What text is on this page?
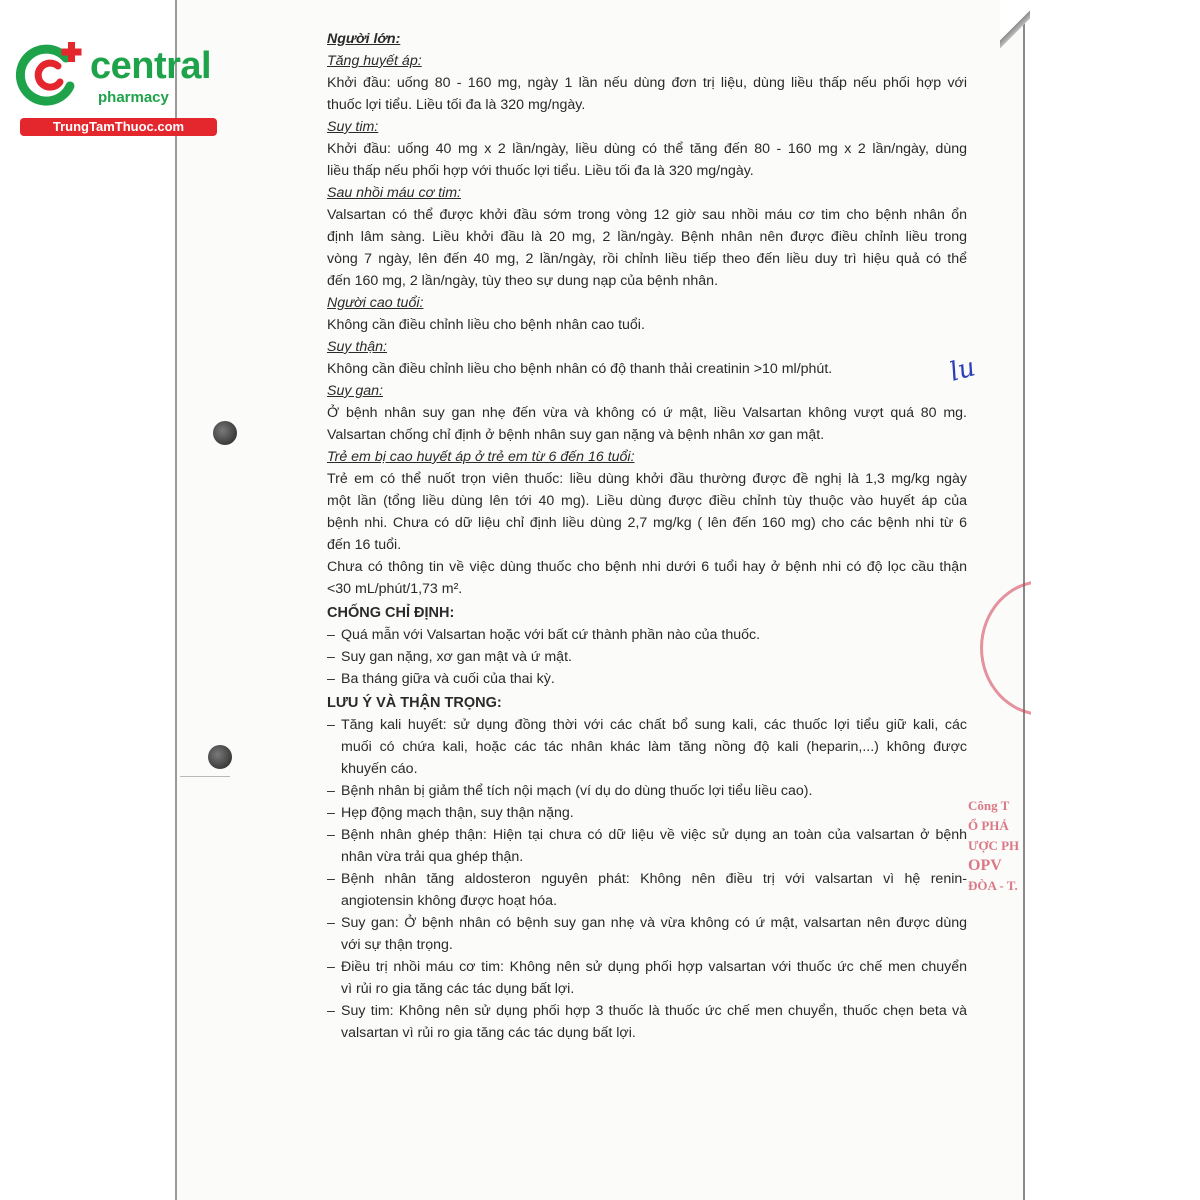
central
pharmacy
TrungTamThuoc.com
lu
Công T
Ổ PHẢ
ƯỢC PH
OPV
ĐÒA - T.
Người lớn:
Tăng huyết áp:
Khởi đầu: uống 80 - 160 mg, ngày 1 lần nếu dùng đơn trị liệu, dùng liều thấp nếu phối hợp với
thuốc lợi tiểu. Liều tối đa là 320 mg/ngày.
Suy tim:
Khởi đầu: uống 40 mg x 2 lần/ngày, liều dùng có thể tăng đến 80 - 160 mg x 2 lần/ngày, dùng
liều thấp nếu phối hợp với thuốc lợi tiểu. Liều tối đa là 320 mg/ngày.
Sau nhồi máu cơ tim:
Valsartan có thể được khởi đầu sớm trong vòng 12 giờ sau nhồi máu cơ tim cho bệnh nhân ổn
định lâm sàng. Liều khởi đầu là 20 mg, 2 lần/ngày. Bệnh nhân nên được điều chỉnh liều trong
vòng 7 ngày, lên đến 40 mg, 2 lần/ngày, rồi chỉnh liều tiếp theo đến liều duy trì hiệu quả có thể
đến 160 mg, 2 lần/ngày, tùy theo sự dung nạp của bệnh nhân.
Người cao tuổi:
Không cần điều chỉnh liều cho bệnh nhân cao tuổi.
Suy thận:
Không cần điều chỉnh liều cho bệnh nhân có độ thanh thải creatinin >10 ml/phút.
Suy gan:
Ở bệnh nhân suy gan nhẹ đến vừa và không có ứ mật, liều Valsartan không vượt quá 80 mg.
Valsartan chống chỉ định ở bệnh nhân suy gan nặng và bệnh nhân xơ gan mật.
Trẻ em bị cao huyết áp ở trẻ em từ 6 đến 16 tuổi:
Trẻ em có thể nuốt trọn viên thuốc: liều dùng khởi đầu thường được đề nghị là 1,3 mg/kg ngày
một lần (tổng liều dùng lên tới 40 mg). Liều dùng được điều chỉnh tùy thuộc vào huyết áp của
bệnh nhi. Chưa có dữ liệu chỉ định liều dùng 2,7 mg/kg ( lên đến 160 mg) cho các bệnh nhi từ 6
đến 16 tuổi.
Chưa có thông tin về việc dùng thuốc cho bệnh nhi dưới 6 tuổi hay ở bệnh nhi có độ lọc cầu thận
<30 mL/phút/1,73 m².
CHỐNG CHỈ ĐỊNH:
– Quá mẫn với Valsartan hoặc với bất cứ thành phần nào của thuốc.
– Suy gan nặng, xơ gan mật và ứ mật.
– Ba tháng giữa và cuối của thai kỳ.
LƯU Ý VÀ THẬN TRỌNG:
– Tăng kali huyết: sử dụng đồng thời với các chất bổ sung kali, các thuốc lợi tiểu giữ kali, các
muối có chứa kali, hoặc các tác nhân khác làm tăng nồng độ kali (heparin,...) không được
khuyến cáo.
– Bệnh nhân bị giảm thể tích nội mạch (ví dụ do dùng thuốc lợi tiểu liều cao).
– Hẹp động mạch thận, suy thận nặng.
– Bệnh nhân ghép thận: Hiện tại chưa có dữ liệu về việc sử dụng an toàn của valsartan ở bệnh
nhân vừa trải qua ghép thận.
– Bệnh nhân tăng aldosteron nguyên phát: Không nên điều trị với valsartan vì hệ renin-
angiotensin không được hoạt hóa.
– Suy gan: Ở bệnh nhân có bệnh suy gan nhẹ và vừa không có ứ mật, valsartan nên được dùng
với sự thận trọng.
– Điều trị nhồi máu cơ tim: Không nên sử dụng phối hợp valsartan với thuốc ức chế men chuyển
vì rủi ro gia tăng các tác dụng bất lợi.
– Suy tim: Không nên sử dụng phối hợp 3 thuốc là thuốc ức chế men chuyển, thuốc chẹn beta và
valsartan vì rủi ro gia tăng các tác dụng bất lợi.
